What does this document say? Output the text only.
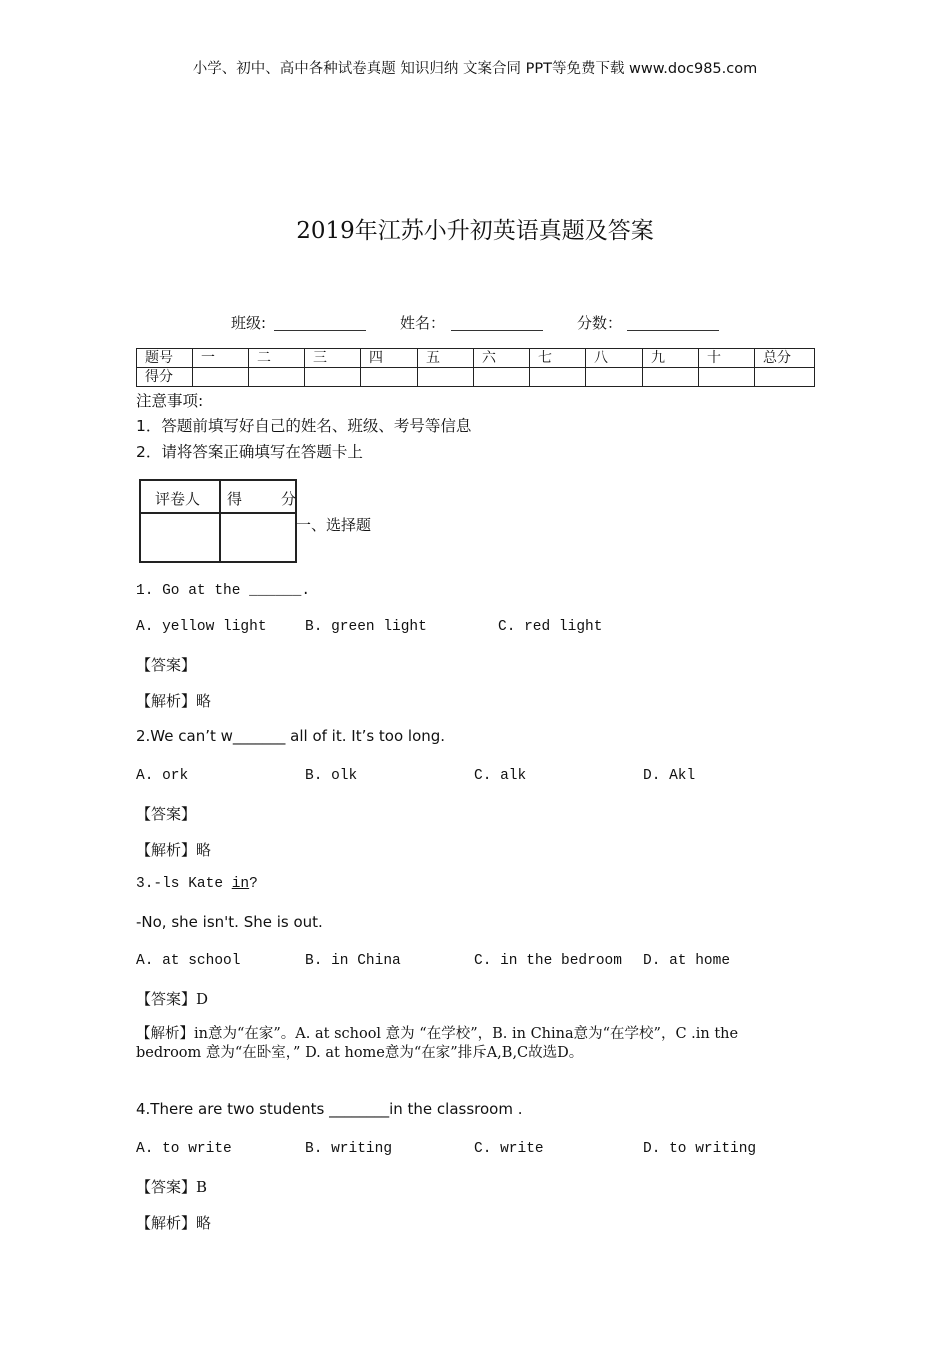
小学、初中、高中各种试卷真题 知识归纳 文案合同 PPT等免费下载 www.doc985.com
2019年江苏小升初英语真题及答案
班级:	姓名：	分数：
题号	一	二	三	四	五	六	七	八	九	十	总分
得分											
注意事项:
1．答题前填写好自己的姓名、班级、考号等信息
2．请将答案正确填写在答题卡上
评卷人 得	分
一、选择题
1. Go at the ______.
A. yellow light	B. green light	C. red light
【答案】
【解析】略
2.We can’t w_______ all of it. It’s too long.
A. ork	B. olk	C. alk	D. Akl
【答案】
【解析】略
3.-ls Kate in?
-No, she isn't. She is out.
A. at school	B. in China	C. in the bedroom D. at home
【答案】D
【解析】in意为“在家”。A. at school 意为 “在学校”，B. in China意为“在学校”，C .in the bedroom 意为“在卧室，” D. at home意为“在家”排斥A,B,C故选D。
4.There are two students ________in the classroom .
A. to write	B. writing	C. write	D. to writing
【答案】B
【解析】略
